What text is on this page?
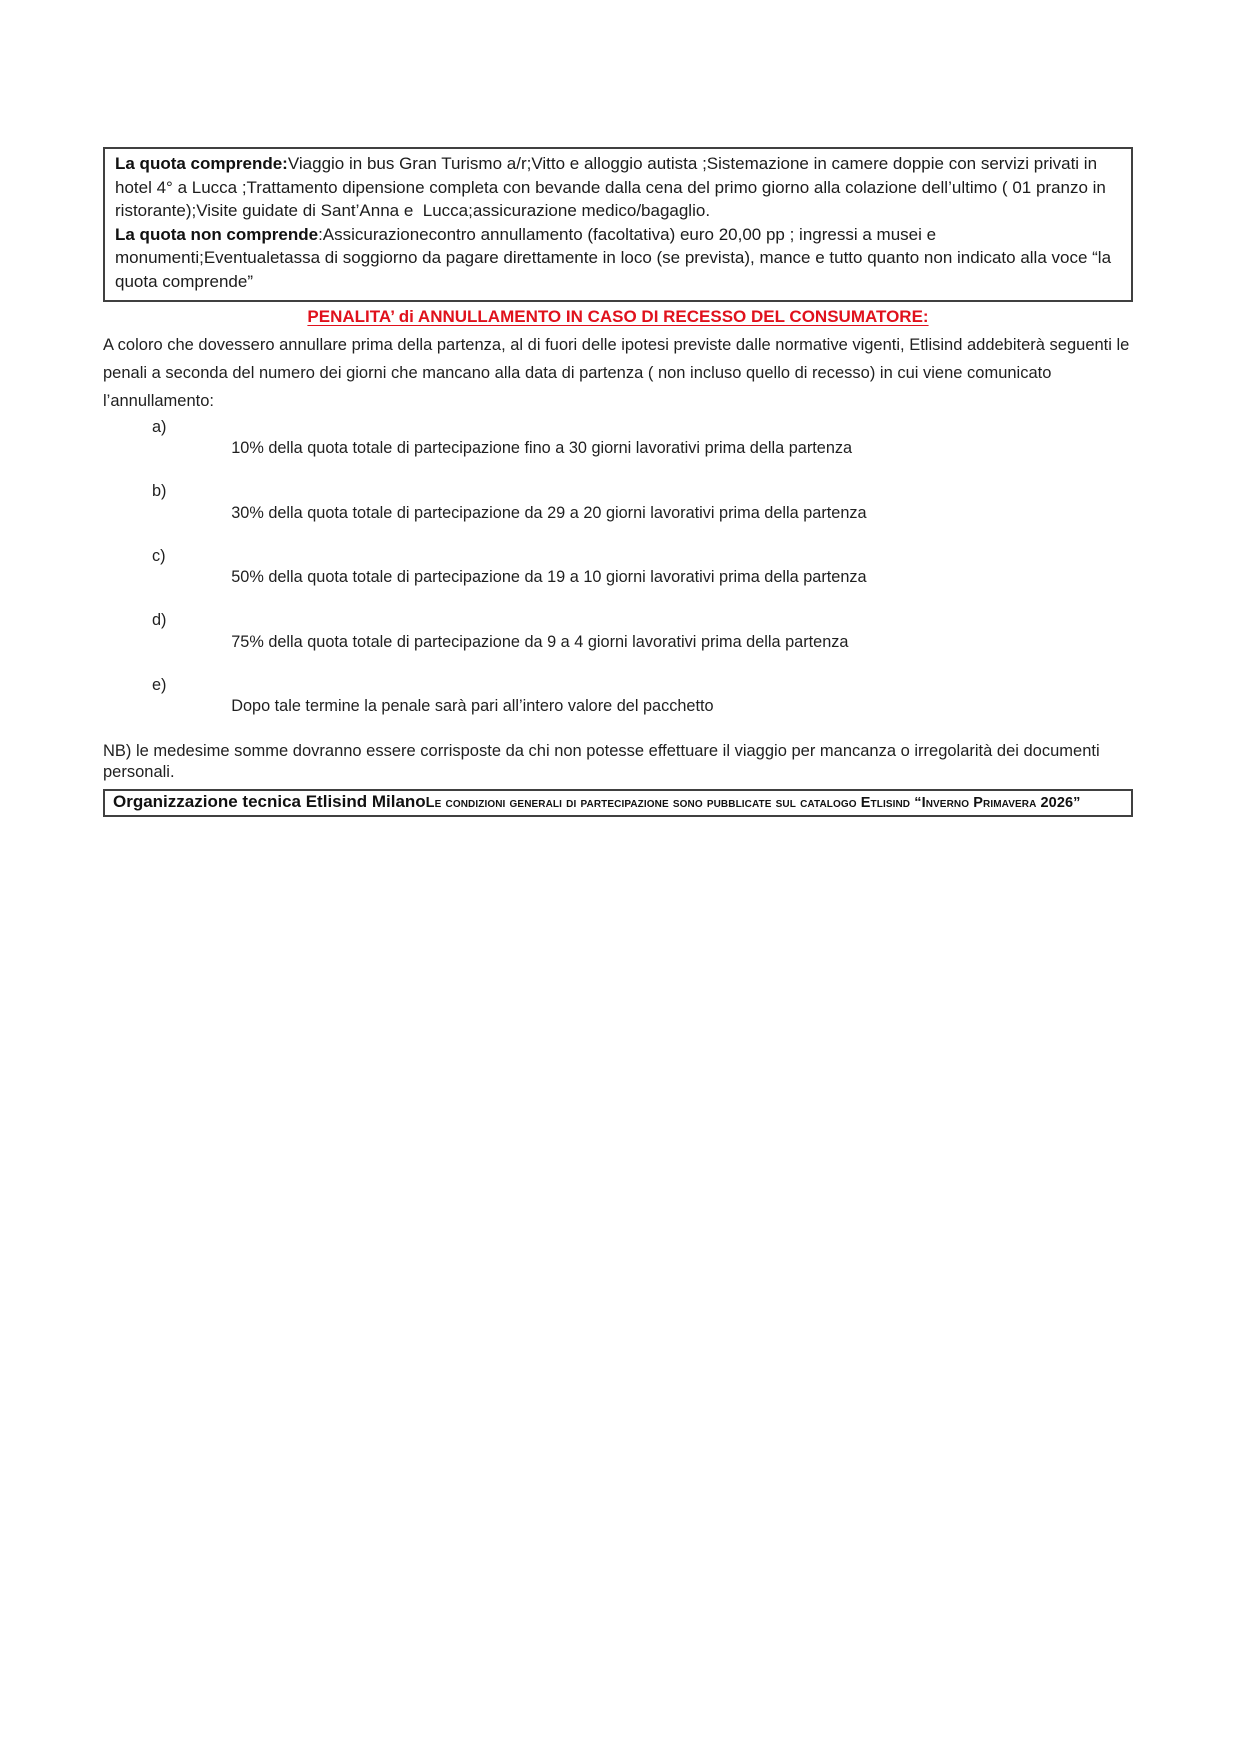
La quota comprende:Viaggio in bus Gran Turismo a/r;Vitto e alloggio autista ;Sistemazione in camere doppie con servizi privati in hotel 4° a Lucca ;Trattamento dipensione completa con bevande dalla cena del primo giorno alla colazione dell’ultimo ( 01 pranzo in ristorante);Visite guidate di Sant’Anna e  Lucca;assicurazione medico/bagaglio.

La quota non comprende:Assicurazionecontro annullamento (facoltativa) euro 20,00 pp ; ingressi a musei e monumenti;Eventualetassa di soggiorno da pagare direttamente in loco (se prevista), mance e tutto quanto non indicato alla voce “la quota comprende”

PENALITA’ di ANNULLAMENTO IN CASO DI RECESSO DEL CONSUMATORE:

A coloro che dovessero annullare prima della partenza, al di fuori delle ipotesi previste dalle normative vigenti, Etlisind addebiterà seguenti le penali a seconda del numero dei giorni che mancano alla data di partenza ( non incluso quello di recesso) in cui viene comunicato l’annullamento:

a)
10% della quota totale di partecipazione fino a 30 giorni lavorativi prima della partenza

b)
30% della quota totale di partecipazione da 29 a 20 giorni lavorativi prima della partenza

c)
50% della quota totale di partecipazione da 19 a 10 giorni lavorativi prima della partenza

d)
75% della quota totale di partecipazione da 9 a 4 giorni lavorativi prima della partenza

e)
Dopo tale termine la penale sarà pari all’intero valore del pacchetto

NB) le medesime somme dovranno essere corrisposte da chi non potesse effettuare il viaggio per mancanza o irregolarità dei documenti personali.

Organizzazione tecnica Etlisind MilanoLe condizioni generali di partecipazione sono pubblicate sul catalogo Etlisind “Inverno Primavera 2026”
